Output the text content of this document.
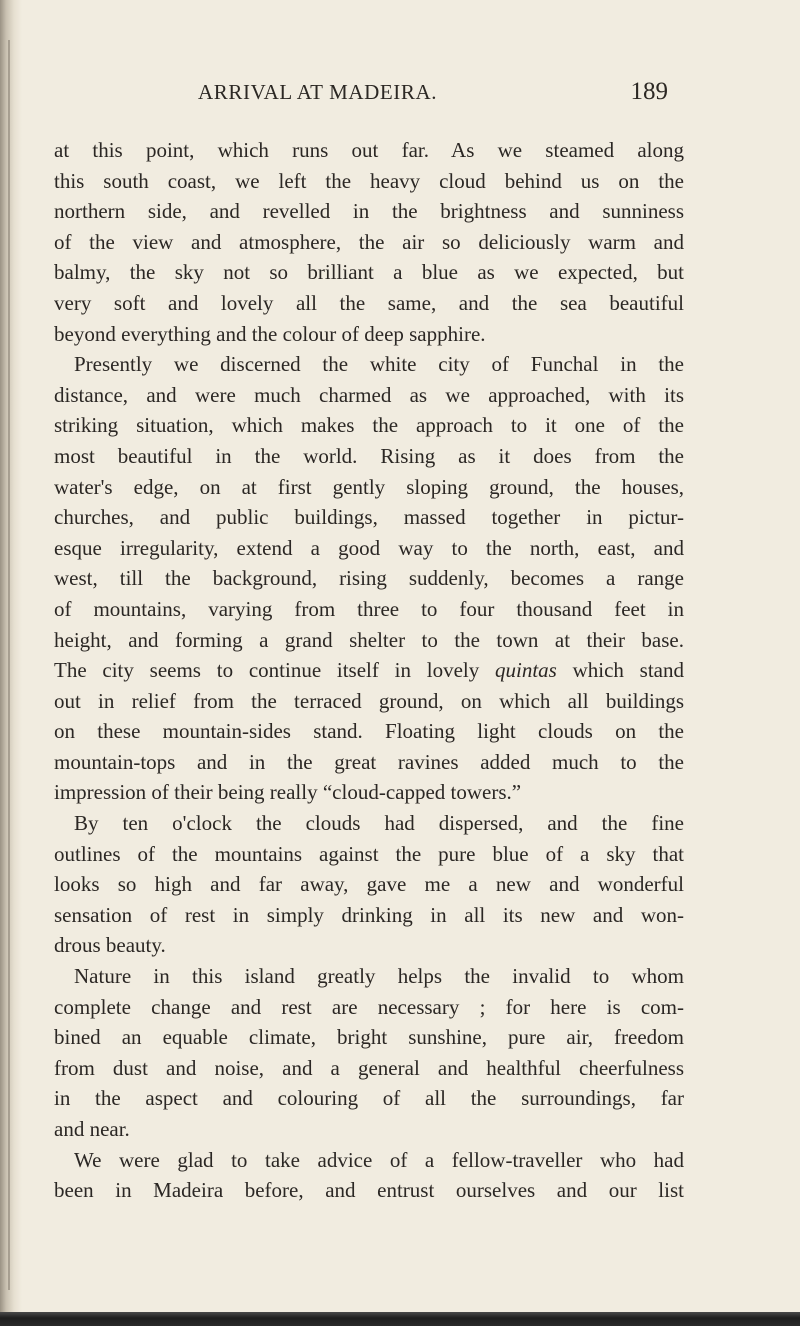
ARRIVAL AT MADEIRA.	189
at this point, which runs out far. As we steamed along
this south coast, we left the heavy cloud behind us on the
northern side, and revelled in the brightness and sunniness
of the view and atmosphere, the air so deliciously warm and
balmy, the sky not so brilliant a blue as we expected, but
very soft and lovely all the same, and the sea beautiful
beyond everything and the colour of deep sapphire.
Presently we discerned the white city of Funchal in the
distance, and were much charmed as we approached, with its
striking situation, which makes the approach to it one of the
most beautiful in the world. Rising as it does from the
water's edge, on at first gently sloping ground, the houses,
churches, and public buildings, massed together in pictur-
esque irregularity, extend a good way to the north, east, and
west, till the background, rising suddenly, becomes a range
of mountains, varying from three to four thousand feet in
height, and forming a grand shelter to the town at their base.
The city seems to continue itself in lovely quintas which stand
out in relief from the terraced ground, on which all buildings
on these mountain-sides stand. Floating light clouds on the
mountain-tops and in the great ravines added much to the
impression of their being really “cloud-capped towers.”
By ten o'clock the clouds had dispersed, and the fine
outlines of the mountains against the pure blue of a sky that
looks so high and far away, gave me a new and wonderful
sensation of rest in simply drinking in all its new and won-
drous beauty.
Nature in this island greatly helps the invalid to whom
complete change and rest are necessary ; for here is com-
bined an equable climate, bright sunshine, pure air, freedom
from dust and noise, and a general and healthful cheerfulness
in the aspect and colouring of all the surroundings, far
and near.
We were glad to take advice of a fellow-traveller who had
been in Madeira before, and entrust ourselves and our list
